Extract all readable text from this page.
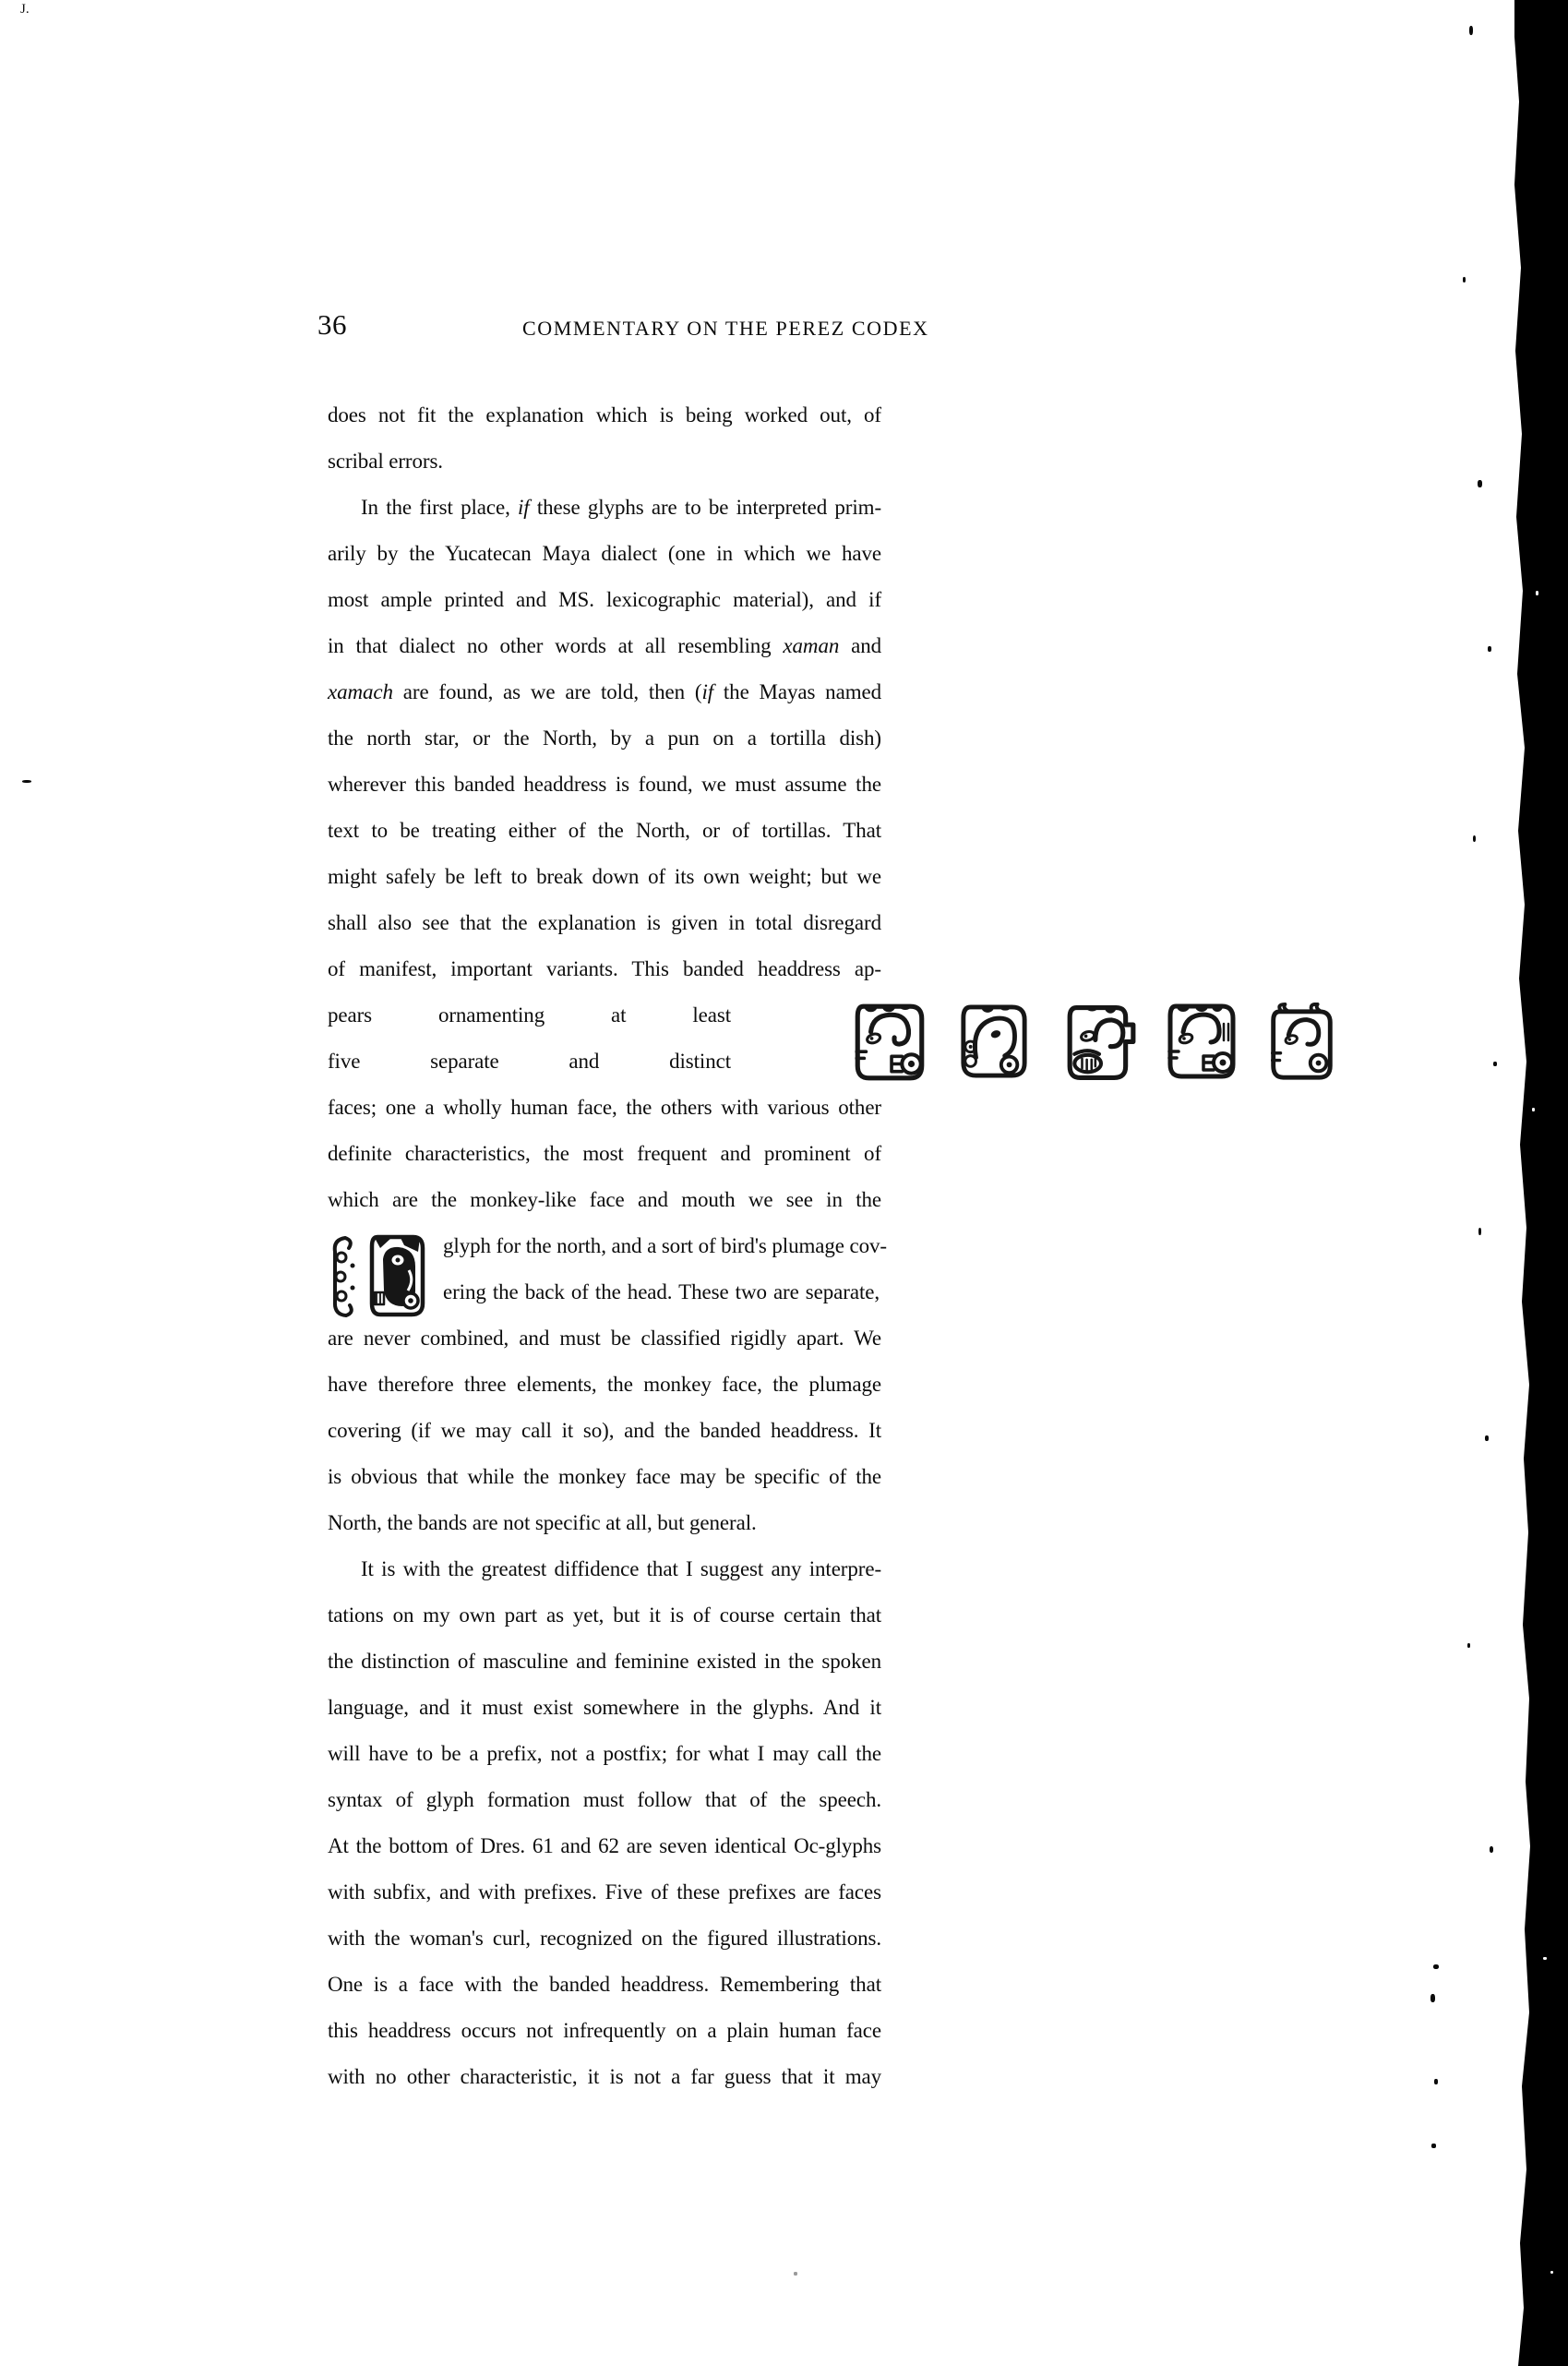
J.
36	COMMENTARY ON THE PEREZ CODEX
does not fit the explanation which is being worked out, of
scribal errors.
In the first place, if these glyphs are to be interpreted prim-
arily by the Yucatecan Maya dialect (one in which we have
most ample printed and MS. lexicographic material), and if
in that dialect no other words at all resembling xaman and
xamach are found, as we are told, then (if the Mayas named
the north star, or the North, by a pun on a tortilla dish)
wherever this banded headdress is found, we must assume the
text to be treating either of the North, or of tortillas. That
might safely be left to break down of its own weight; but we
shall also see that the explanation is given in total disregard
of manifest, important variants. This banded headdress ap-
pears ornamenting at least
five separate and distinct
faces; one a wholly human face, the others with various other
definite characteristics, the most frequent and prominent of
which are the monkey-like face and mouth we see in the
glyph for the north, and a sort of bird's plumage cov-
ering the back of the head. These two are separate,
are never combined, and must be classified rigidly apart. We
have therefore three elements, the monkey face, the plumage
covering (if we may call it so), and the banded headdress. It
is obvious that while the monkey face may be specific of the
North, the bands are not specific at all, but general.
It is with the greatest diffidence that I suggest any interpre-
tations on my own part as yet, but it is of course certain that
the distinction of masculine and feminine existed in the spoken
language, and it must exist somewhere in the glyphs. And it
will have to be a prefix, not a postfix; for what I may call the
syntax of glyph formation must follow that of the speech.
At the bottom of Dres. 61 and 62 are seven identical Oc-glyphs
with subfix, and with prefixes. Five of these prefixes are faces
with the woman's curl, recognized on the figured illustrations.
One is a face with the banded headdress. Remembering that
this headdress occurs not infrequently on a plain human face
with no other characteristic, it is not a far guess that it may
